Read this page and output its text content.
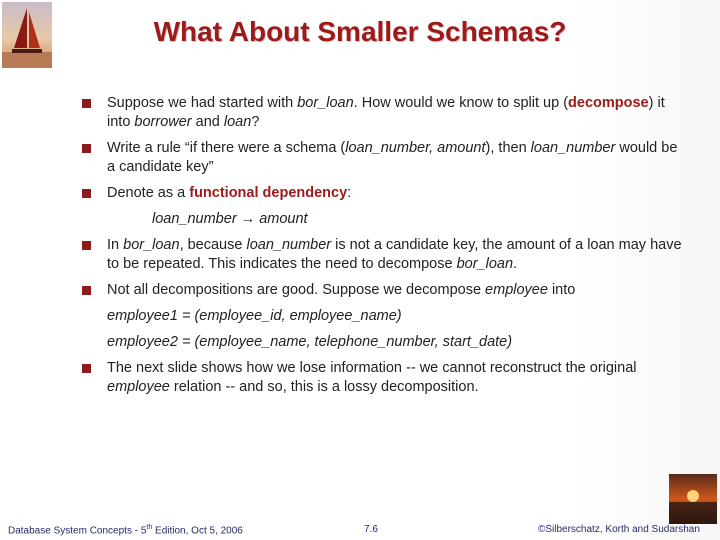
What About Smaller Schemas?
Suppose we had started with bor_loan. How would we know to split up (decompose) it into borrower and loan?
Write a rule “if there were a schema (loan_number, amount), then loan_number would be a candidate key”
Denote as a functional dependency:
loan_number → amount
In bor_loan, because loan_number is not a candidate key, the amount of a loan may have to be repeated. This indicates the need to decompose bor_loan.
Not all decompositions are good. Suppose we decompose employee into
employee1 = (employee_id, employee_name)
employee2 = (employee_name, telephone_number, start_date)
The next slide shows how we lose information -- we cannot reconstruct the original employee relation -- and so, this is a lossy decomposition.
Database System Concepts - 5th Edition, Oct 5, 2006	7.6	©Silberschatz, Korth and Sudarshan
